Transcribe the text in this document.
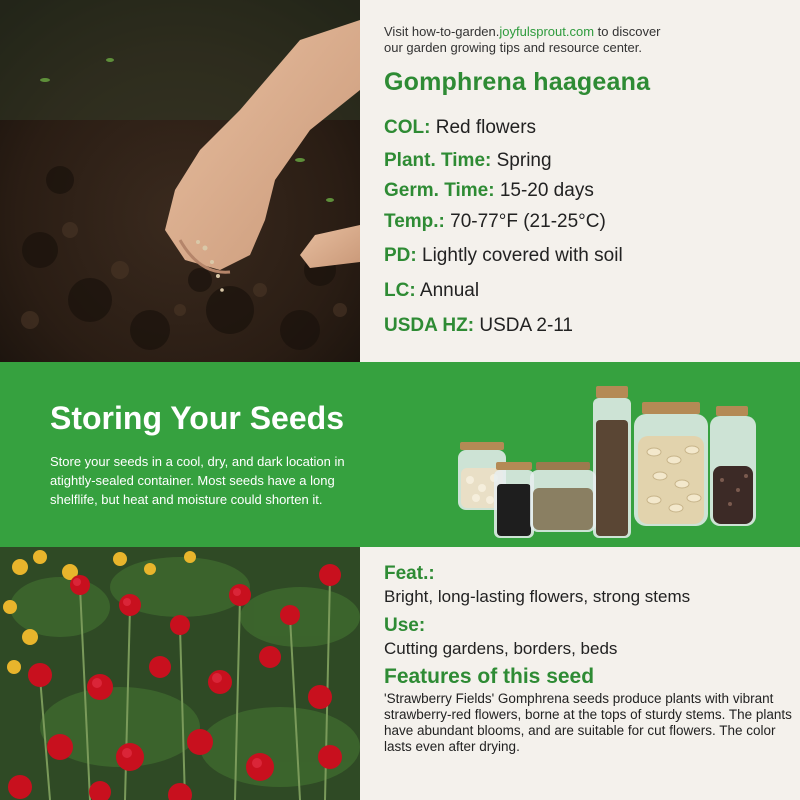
Visit how-to-garden.joyfulsprout.com to discover
our garden growing tips and resource center.
Gomphrena haageana
COL: Red flowers
Plant. Time: Spring
Germ. Time: 15-20 days
Temp.: 70-77°F (21-25°C)
PD: Lightly covered with soil
LC: Annual
USDA HZ: USDA 2-11
Storing Your Seeds
Store your seeds in a cool, dry, and dark location in atightly-sealed container. Most seeds have a long shelflife, but heat and moisture could shorten it.
Feat.:
Bright, long-lasting flowers, strong stems
Use:
Cutting gardens, borders, beds
Features of this seed
'Strawberry Fields' Gomphrena seeds produce plants with vibrant strawberry-red flowers, borne at the tops of sturdy stems. The plants have abundant blooms, and are suitable for cut flowers. The color lasts even after drying.
